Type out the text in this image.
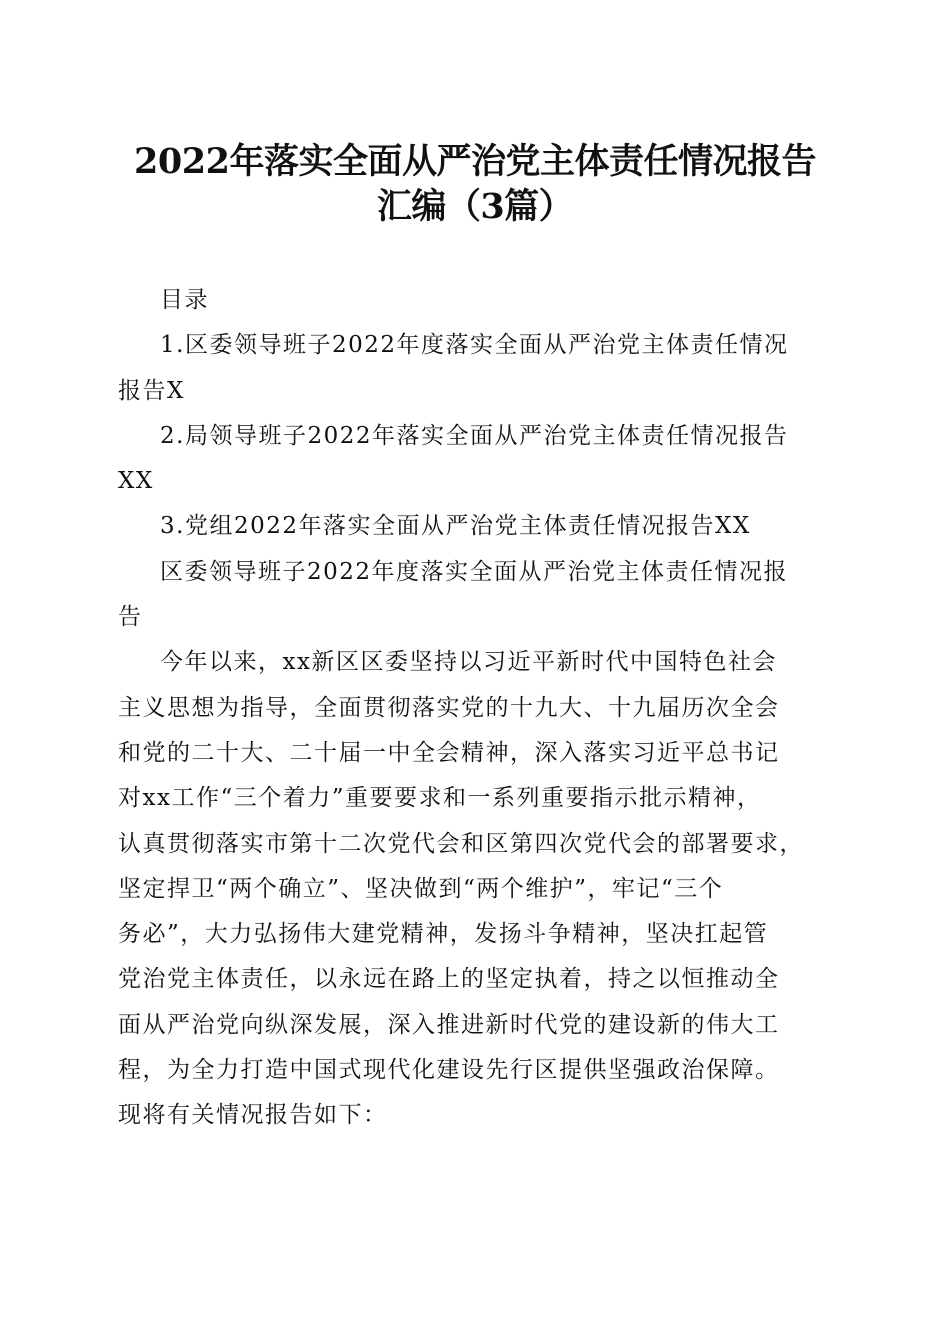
2022年落实全面从严治党主体责任情况报告
汇编（3篇）
目录
1.区委领导班子2022年度落实全面从严治党主体责任情况
报告X
2.局领导班子2022年落实全面从严治党主体责任情况报告
XX
3.党组2022年落实全面从严治党主体责任情况报告XX
区委领导班子2022年度落实全面从严治党主体责任情况报
告
今年以来，xx新区区委坚持以习近平新时代中国特色社会
主义思想为指导，全面贯彻落实党的十九大、十九届历次全会
和党的二十大、二十届一中全会精神，深入落实习近平总书记
对xx工作“三个着力”重要要求和一系列重要指示批示精神，
认真贯彻落实市第十二次党代会和区第四次党代会的部署要求，
坚定捍卫“两个确立”、坚决做到“两个维护”，牢记“三个
务必”，大力弘扬伟大建党精神，发扬斗争精神，坚决扛起管
党治党主体责任，以永远在路上的坚定执着，持之以恒推动全
面从严治党向纵深发展，深入推进新时代党的建设新的伟大工
程，为全力打造中国式现代化建设先行区提供坚强政治保障。
现将有关情况报告如下：
